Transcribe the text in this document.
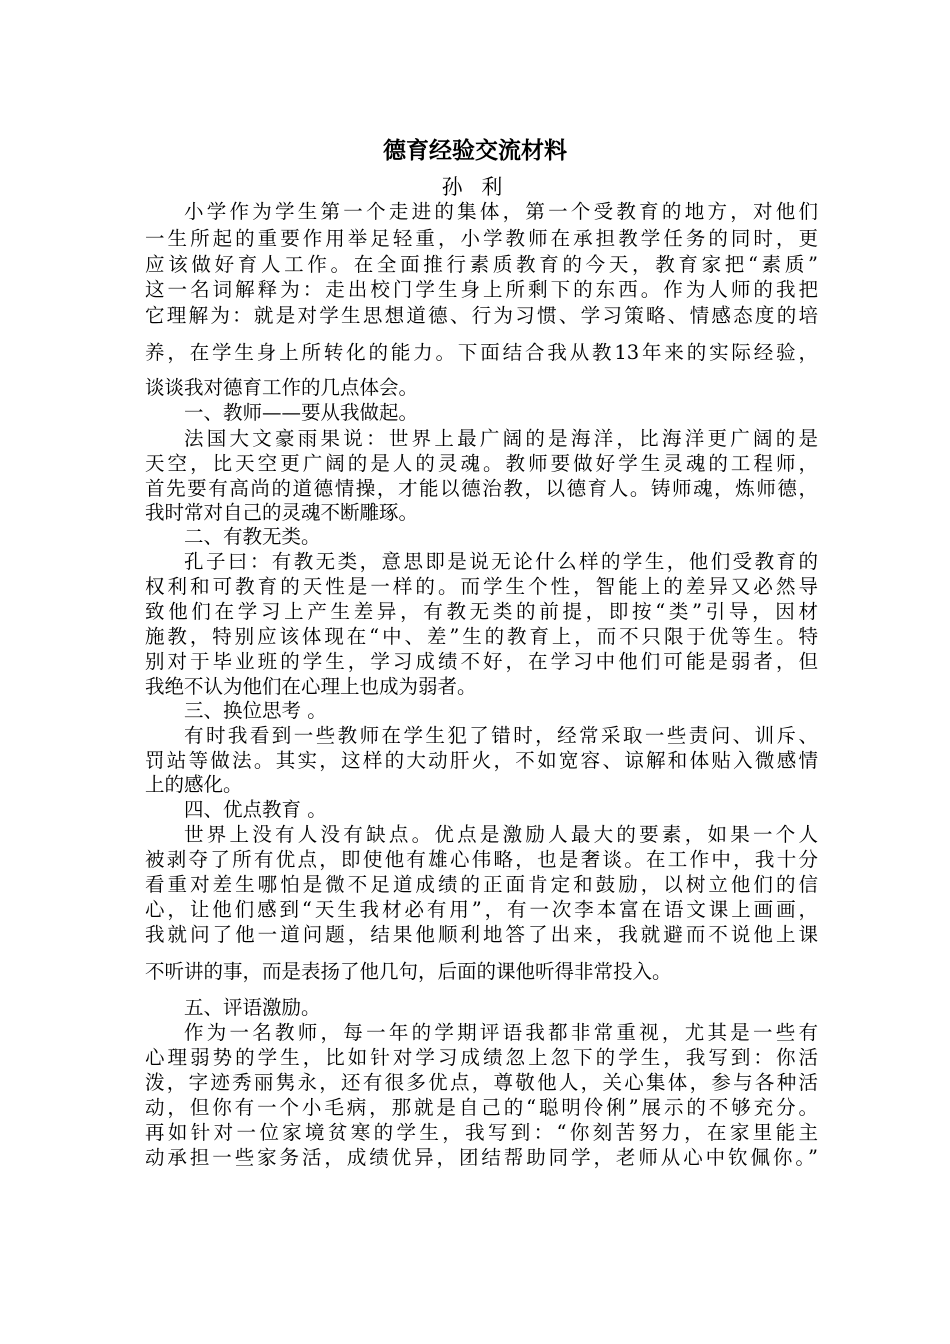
德育经验交流材料
孙 利
小学作为学生第一个走进的集体，第一个受教育的地方，对他们
一生所起的重要作用举足轻重，小学教师在承担教学任务的同时，更
应该做好育人工作。在全面推行素质教育的今天，教育家把“素质”
这一名词解释为：走出校门学生身上所剩下的东西。作为人师的我把
它理解为：就是对学生思想道德、行为习惯、学习策略、情感态度的培
养，在学生身上所转化的能力。下面结合我从教13年来的实际经验，
谈谈我对德育工作的几点体会。
一、教师——要从我做起。
法国大文豪雨果说：世界上最广阔的是海洋，比海洋更广阔的是
天空，比天空更广阔的是人的灵魂。教师要做好学生灵魂的工程师，
首先要有高尚的道德情操，才能以德治教，以德育人。铸师魂，炼师德，
我时常对自己的灵魂不断雕琢。
二、有教无类。
孔子曰：有教无类，意思即是说无论什么样的学生，他们受教育的
权利和可教育的天性是一样的。而学生个性，智能上的差异又必然导
致他们在学习上产生差异，有教无类的前提，即按“类”引导，因材
施教，特别应该体现在“中、差”生的教育上，而不只限于优等生。特
别对于毕业班的学生，学习成绩不好，在学习中他们可能是弱者，但
我绝不认为他们在心理上也成为弱者。
三、换位思考 。
有时我看到一些教师在学生犯了错时，经常采取一些责问、训斥、
罚站等做法。其实，这样的大动肝火，不如宽容、谅解和体贴入微感情
上的感化。
四、优点教育 。
世界上没有人没有缺点。优点是激励人最大的要素，如果一个人
被剥夺了所有优点，即使他有雄心伟略，也是奢谈。在工作中，我十分
看重对差生哪怕是微不足道成绩的正面肯定和鼓励，以树立他们的信
心，让他们感到“天生我材必有用”，有一次李本富在语文课上画画，
我就问了他一道问题，结果他顺利地答了出来，我就避而不说他上课
不听讲的事，而是表扬了他几句，后面的课他听得非常投入。
五、评语激励。
作为一名教师，每一年的学期评语我都非常重视，尤其是一些有
心理弱势的学生，比如针对学习成绩忽上忽下的学生，我写到：你活
泼，字迹秀丽隽永，还有很多优点，尊敬他人，关心集体，参与各种活
动，但你有一个小毛病，那就是自己的“聪明伶俐”展示的不够充分。
再如针对一位家境贫寒的学生，我写到：“你刻苦努力，在家里能主
动承担一些家务活，成绩优异，团结帮助同学，老师从心中钦佩你。”
